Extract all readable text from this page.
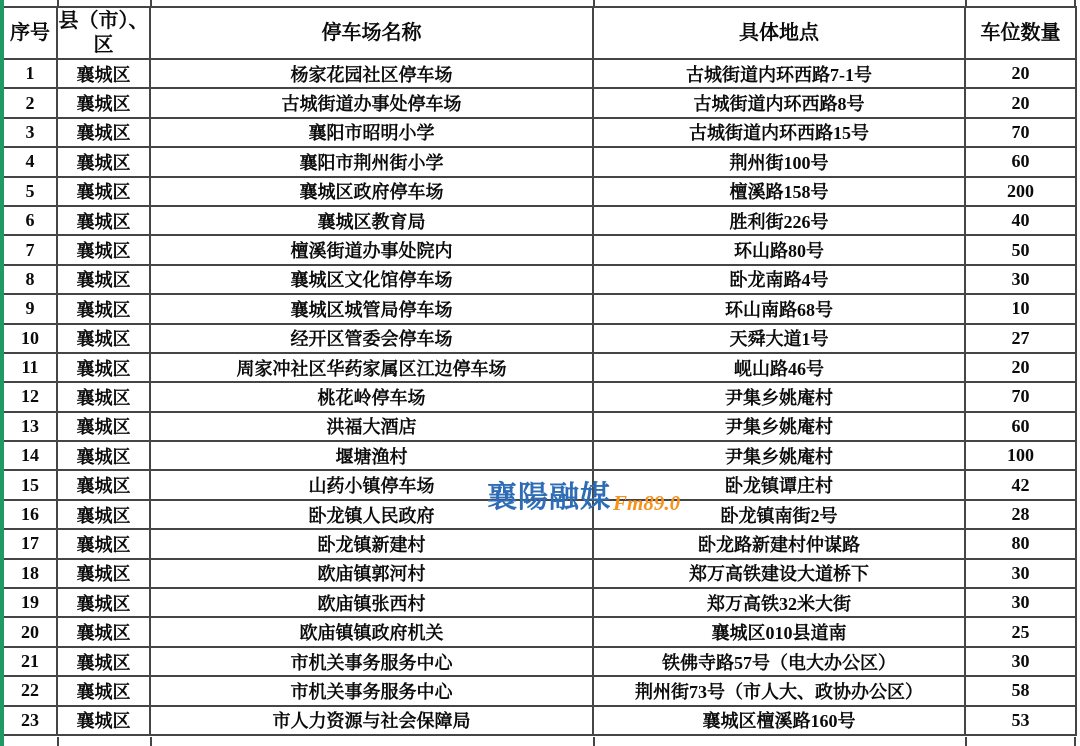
序号	县（市）、区	停车场名称	具体地点	车位数量
1	襄城区	杨家花园社区停车场	古城街道内环西路7-1号	20
2	襄城区	古城街道办事处停车场	古城街道内环西路8号	20
3	襄城区	襄阳市昭明小学	古城街道内环西路15号	70
4	襄城区	襄阳市荆州街小学	荆州街100号	60
5	襄城区	襄城区政府停车场	檀溪路158号	200
6	襄城区	襄城区教育局	胜利街226号	40
7	襄城区	檀溪街道办事处院内	环山路80号	50
8	襄城区	襄城区文化馆停车场	卧龙南路4号	30
9	襄城区	襄城区城管局停车场	环山南路68号	10
10	襄城区	经开区管委会停车场	天舜大道1号	27
11	襄城区	周家冲社区华药家属区江边停车场	岘山路46号	20
12	襄城区	桃花岭停车场	尹集乡姚庵村	70
13	襄城区	洪福大酒店	尹集乡姚庵村	60
14	襄城区	堰塘渔村	尹集乡姚庵村	100
15	襄城区	山药小镇停车场	卧龙镇谭庄村	42
16	襄城区	卧龙镇人民政府	卧龙镇南街2号	28
17	襄城区	卧龙镇新建村	卧龙路新建村仲谋路	80
18	襄城区	欧庙镇郭河村	郑万高铁建设大道桥下	30
19	襄城区	欧庙镇张西村	郑万高铁32米大街	30
20	襄城区	欧庙镇镇政府机关	襄城区010县道南	25
21	襄城区	市机关事务服务中心	铁佛寺路57号（电大办公区）	30
22	襄城区	市机关事务服务中心	荆州街73号（市人大、政协办公区）	58
23	襄城区	市人力资源与社会保障局	襄城区檀溪路160号	53
襄陽融媒Fm89.0
